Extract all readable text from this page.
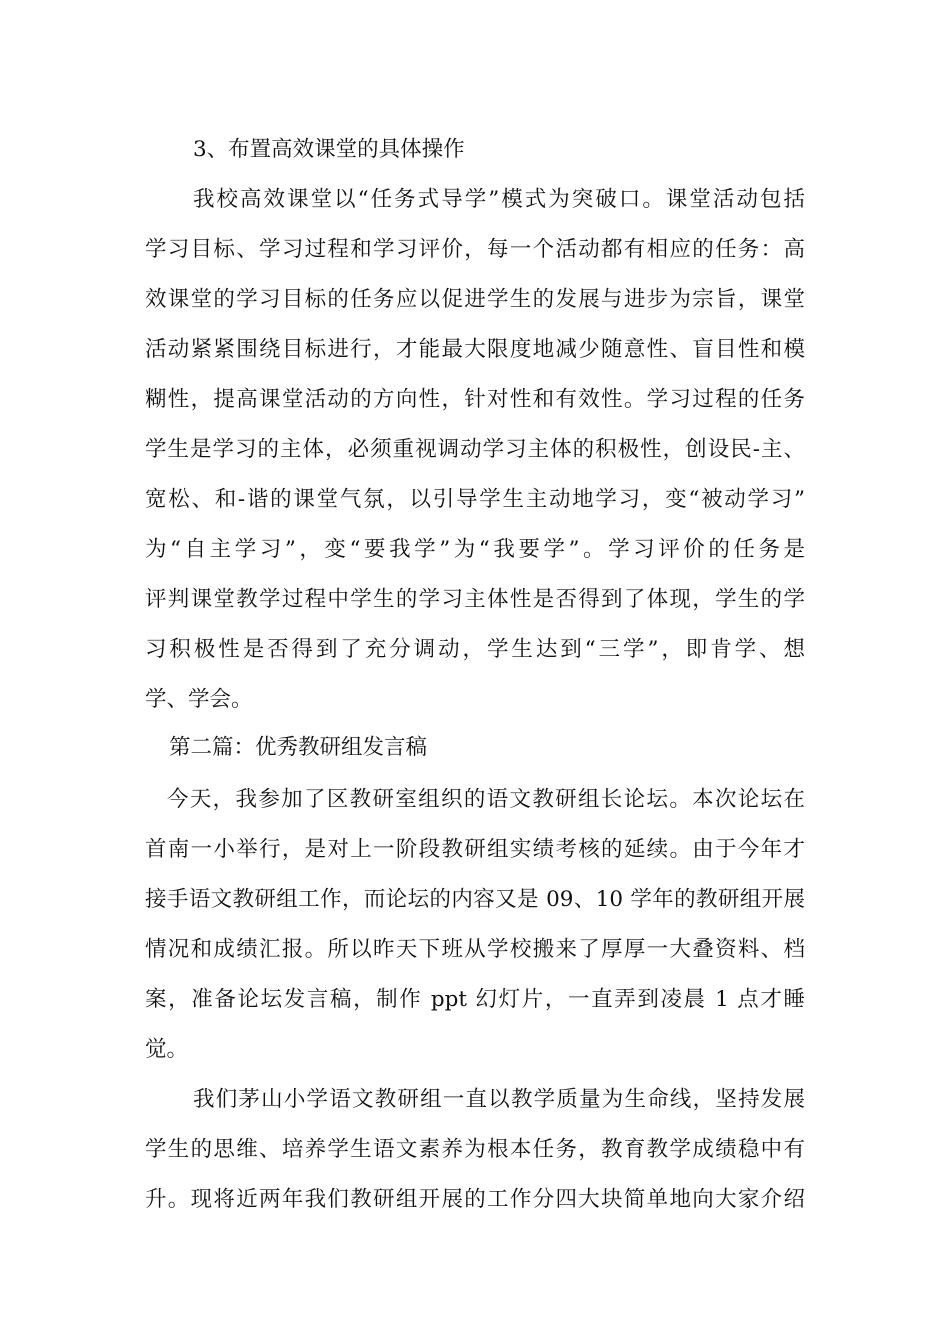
3、布置高效课堂的具体操作
我校高效课堂以“任务式导学”模式为突破口。课堂活动包括
学习目标、学习过程和学习评价，每一个活动都有相应的任务：高
效课堂的学习目标的任务应以促进学生的发展与进步为宗旨，课堂
活动紧紧围绕目标进行，才能最大限度地减少随意性、盲目性和模
糊性，提高课堂活动的方向性，针对性和有效性。学习过程的任务
学生是学习的主体，必须重视调动学习主体的积极性，创设民-主、
宽松、和-谐的课堂气氛，以引导学生主动地学习，变“被动学习”
为“自主学习”，变“要我学”为“我要学”。学习评价的任务是
评判课堂教学过程中学生的学习主体性是否得到了体现，学生的学
习积极性是否得到了充分调动，学生达到“三学”，即肯学、想
学、学会。
第二篇：优秀教研组发言稿
今天，我参加了区教研室组织的语文教研组长论坛。本次论坛在
首南一小举行，是对上一阶段教研组实绩考核的延续。由于今年才
接手语文教研组工作，而论坛的内容又是 09、10 学年的教研组开展
情况和成绩汇报。所以昨天下班从学校搬来了厚厚一大叠资料、档
案，准备论坛发言稿，制作 ppt 幻灯片，一直弄到凌晨 1 点才睡
觉。
我们茅山小学语文教研组一直以教学质量为生命线，坚持发展
学生的思维、培养学生语文素养为根本任务，教育教学成绩稳中有
升。现将近两年我们教研组开展的工作分四大块简单地向大家介绍
